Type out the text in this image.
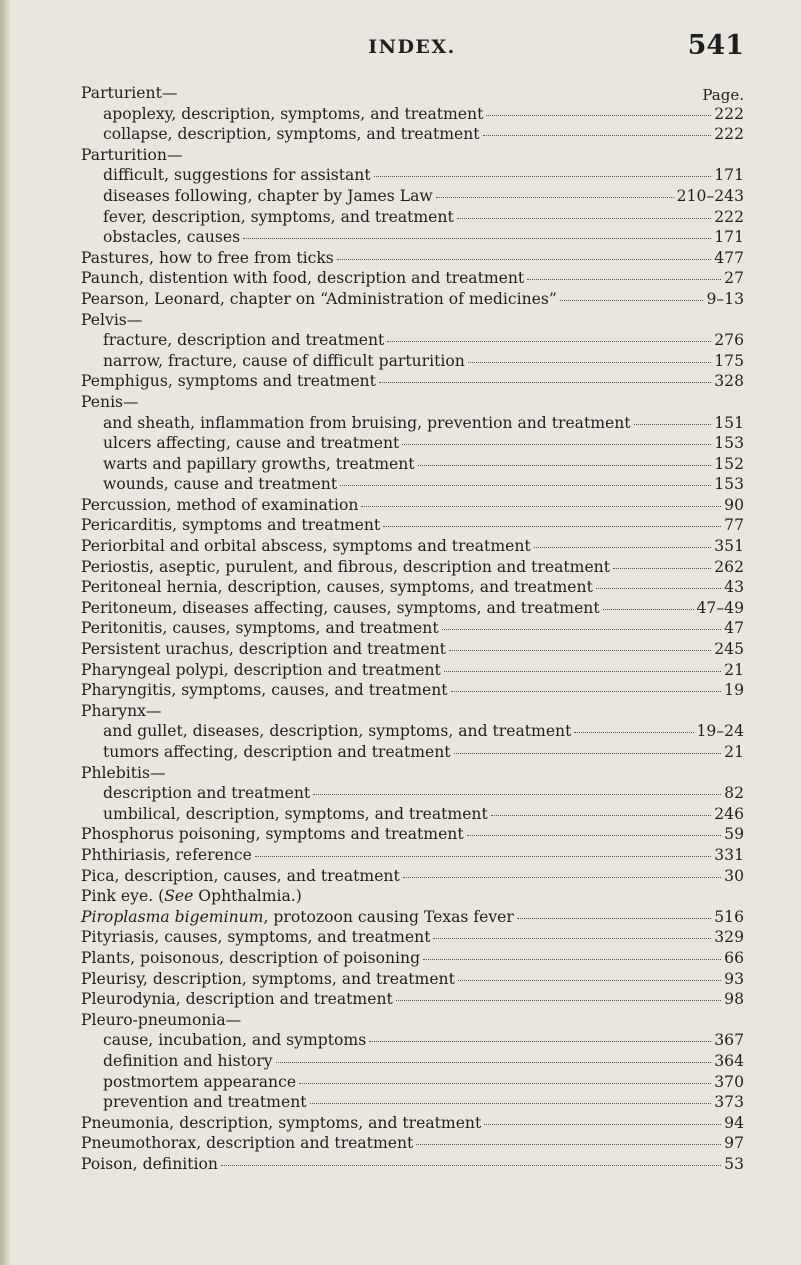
INDEX.	541
Page.
Parturient—
apoplexy, description, symptoms, and treatment	222
collapse, description, symptoms, and treatment	222
Parturition—
difficult, suggestions for assistant	171
diseases following, chapter by James Law	210–243
fever, description, symptoms, and treatment	222
obstacles, causes	171
Pastures, how to free from ticks	477
Paunch, distention with food, description and treatment	27
Pearson, Leonard, chapter on “Administration of medicines”	9–13
Pelvis—
fracture, description and treatment	276
narrow, fracture, cause of difficult parturition	175
Pemphigus, symptoms and treatment	328
Penis—
and sheath, inflammation from bruising, prevention and treatment	151
ulcers affecting, cause and treatment	153
warts and papillary growths, treatment	152
wounds, cause and treatment	153
Percussion, method of examination	90
Pericarditis, symptoms and treatment	77
Periorbital and orbital abscess, symptoms and treatment	351
Periostis, aseptic, purulent, and fibrous, description and treatment	262
Peritoneal hernia, description, causes, symptoms, and treatment	43
Peritoneum, diseases affecting, causes, symptoms, and treatment	47–49
Peritonitis, causes, symptoms, and treatment	47
Persistent urachus, description and treatment	245
Pharyngeal polypi, description and treatment	21
Pharyngitis, symptoms, causes, and treatment	19
Pharynx—
and gullet, diseases, description, symptoms, and treatment	19–24
tumors affecting, description and treatment	21
Phlebitis—
description and treatment	82
umbilical, description, symptoms, and treatment	246
Phosphorus poisoning, symptoms and treatment	59
Phthiriasis, reference	331
Pica, description, causes, and treatment	30
Pink eye. (See Ophthalmia.)
Piroplasma bigeminum, protozoon causing Texas fever	516
Pityriasis, causes, symptoms, and treatment	329
Plants, poisonous, description of poisoning	66
Pleurisy, description, symptoms, and treatment	93
Pleurodynia, description and treatment	98
Pleuro-pneumonia—
cause, incubation, and symptoms	367
definition and history	364
postmortem appearance	370
prevention and treatment	373
Pneumonia, description, symptoms, and treatment	94
Pneumothorax, description and treatment	97
Poison, definition	53
